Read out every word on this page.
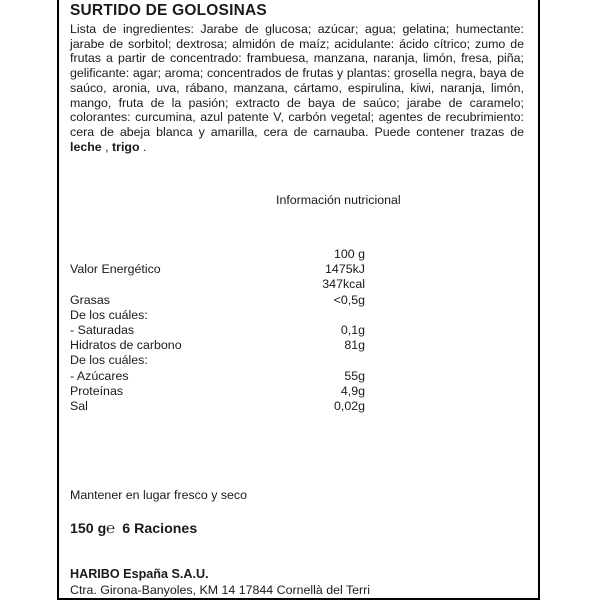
SURTIDO DE GOLOSINAS

Lista de ingredientes: Jarabe de glucosa; azúcar; agua; gelatina; humectante: jarabe de sorbitol; dextrosa; almidón de maíz; acidulante: ácido cítrico; zumo de frutas a partir de concentrado: frambuesa, manzana, naranja, limón, fresa, piña; gelificante: agar; aroma; concentrados de frutas y plantas: grosella negra, baya de saúco, aronia, uva, rábano, manzana, cártamo, espirulina, kiwi, naranja, limón, mango, fruta de la pasión; extracto de baya de saúco; jarabe de caramelo; colorantes: curcumina, azul patente V, carbón vegetal; agentes de recubrimiento: cera de abeja blanca y amarilla, cera de carnauba. Puede contener trazas de leche , trigo .

Información nutricional
	100 g
Valor Energético	1475kJ
	347kcal
Grasas	<0,5g
De los cuáles:	
- Saturadas	0,1g
Hidratos de carbono	81g
De los cuáles:	
- Azúcares	55g
Proteínas	4,9g
Sal	0,02g
Mantener en lugar fresco y seco
150 g℮ 6 Raciones
HARIBO España S.A.U.
Ctra. Girona-Banyoles, KM 14 17844 Cornellà del Terri
